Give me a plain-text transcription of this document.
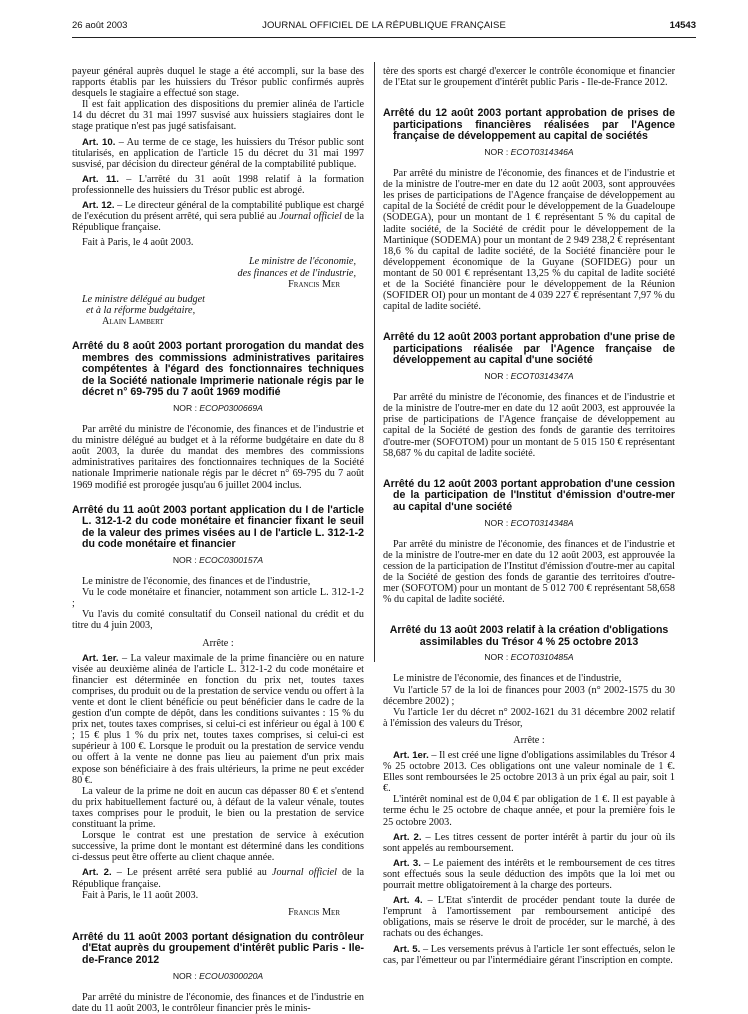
26 août 2003	JOURNAL OFFICIEL DE LA RÉPUBLIQUE FRANÇAISE	14543

payeur général auprès duquel le stage a été accompli, sur la base des rapports établis par les huissiers du Trésor public confirmés auprès desquels le stagiaire a effectué son stage.

Il est fait application des dispositions du premier alinéa de l'article 14 du décret du 31 mai 1997 susvisé aux huissiers stagiaires dont le stage pratique n'est pas jugé satisfaisant.

Art. 10. – Au terme de ce stage, les huissiers du Trésor public sont titularisés, en application de l'article 15 du décret du 31 mai 1997 susvisé, par décision du directeur général de la comptabilité publique.

Art. 11. – L'arrêté du 31 août 1998 relatif à la formation professionnelle des huissiers du Trésor public est abrogé.

Art. 12. – Le directeur général de la comptabilité publique est chargé de l'exécution du présent arrêté, qui sera publié au Journal officiel de la République française.

Fait à Paris, le 4 août 2003.

Le ministre de l'économie,

des finances et de l'industrie,

Francis Mer

Le ministre délégué au budget

et à la réforme budgétaire,

Alain Lambert

Arrêté du 8 août 2003 portant prorogation du mandat des membres des commissions administratives paritaires compétentes à l'égard des fonctionnaires techniques de la Société nationale Imprimerie nationale régis par le décret n° 69-795 du 7 août 1969 modifié

NOR : ECOP0300669A

Par arrêté du ministre de l'économie, des finances et de l'industrie et du ministre délégué au budget et à la réforme budgétaire en date du 8 août 2003, la durée du mandat des membres des commissions administratives paritaires des fonctionnaires techniques de la Société nationale Imprimerie nationale régis par le décret n° 69-795 du 7 août 1969 modifié est prorogée jusqu'au 6 juillet 2004 inclus.

Arrêté du 11 août 2003 portant application du I de l'article L. 312-1-2 du code monétaire et financier fixant le seuil de la valeur des primes visées au I de l'article L. 312-1-2 du code monétaire et financier

NOR : ECOC0300157A

Le ministre de l'économie, des finances et de l'industrie,

Vu le code monétaire et financier, notamment son article L. 312-1-2 ;

Vu l'avis du comité consultatif du Conseil national du crédit et du titre du 4 juin 2003,

Arrête :

Art. 1er. – La valeur maximale de la prime financière ou en nature visée au deuxième alinéa de l'article L. 312-1-2 du code monétaire et financier est déterminée en fonction du prix net, toutes taxes comprises, du produit ou de la prestation de service vendu ou offert à la vente et dont le client bénéficie ou peut bénéficier dans le cadre de la gestion d'un compte de dépôt, dans les conditions suivantes : 15 % du prix net, toutes taxes comprises, si celui-ci est inférieur ou égal à 100 € ; 15 € plus 1 % du prix net, toutes taxes comprises, si celui-ci est supérieur à 100 €. Lorsque le produit ou la prestation de service vendu ou offert à la vente ne donne pas lieu au paiement d'un prix mais expose son bénéficiaire à des frais ultérieurs, la prime ne peut excéder 80 €.

La valeur de la prime ne doit en aucun cas dépasser 80 € et s'entend du prix habituellement facturé ou, à défaut de la valeur vénale, toutes taxes comprises pour le produit, le bien ou la prestation de service constituant la prime.

Lorsque le contrat est une prestation de service à exécution successive, la prime dont le montant est déterminé dans les conditions ci-dessus peut être offerte au client chaque année.

Art. 2. – Le présent arrêté sera publié au Journal officiel de la République française.

Fait à Paris, le 11 août 2003.

Francis Mer

Arrêté du 11 août 2003 portant désignation du contrôleur d'Etat auprès du groupement d'intérêt public Paris - Ile-de-France 2012

NOR : ECOU0300020A

Par arrêté du ministre de l'économie, des finances et de l'industrie en date du 11 août 2003, le contrôleur financier près le minis-

tère des sports est chargé d'exercer le contrôle économique et financier de l'Etat sur le groupement d'intérêt public Paris - Ile-de-France 2012.

Arrêté du 12 août 2003 portant approbation de prises de participations financières réalisées par l'Agence française de développement au capital de sociétés

NOR : ECOT0314346A

Par arrêté du ministre de l'économie, des finances et de l'industrie et de la ministre de l'outre-mer en date du 12 août 2003, sont approuvées les prises de participations de l'Agence française de développement au capital de la Société de crédit pour le développement de la Guadeloupe (SODEGA), pour un montant de 1 € représentant 5 % du capital de ladite société, de la Société de crédit pour le développement de la Martinique (SODEMA) pour un montant de 2 949 238,2 € représentant 18,6 % du capital de ladite société, de la Société financière pour le développement économique de la Guyane (SOFIDEG) pour un montant de 50 001 € représentant 13,25 % du capital de ladite société et de la Société financière pour le développement de la Réunion (SOFIDER OI) pour un montant de 4 039 227 € représentant 7,97 % du capital de ladite société.

Arrêté du 12 août 2003 portant approbation d'une prise de participations réalisée par l'Agence française de développement au capital d'une société

NOR : ECOT0314347A

Par arrêté du ministre de l'économie, des finances et de l'industrie et de la ministre de l'outre-mer en date du 12 août 2003, est approuvée la prise de participations de l'Agence française de développement au capital de la Société de gestion des fonds de garantie des territoires d'outre-mer (SOFOTOM) pour un montant de 5 015 150 € représentant 58,687 % du capital de ladite société.

Arrêté du 12 août 2003 portant approbation d'une cession de la participation de l'Institut d'émission d'outre-mer au capital d'une société

NOR : ECOT0314348A

Par arrêté du ministre de l'économie, des finances et de l'industrie et de la ministre de l'outre-mer en date du 12 août 2003, est approuvée la cession de la participation de l'Institut d'émission d'outre-mer au capital de la Société de gestion des fonds de garantie des territoires d'outre-mer (SOFOTOM) pour un montant de 5 012 700 € représentant 58,658 % du capital de ladite société.

Arrêté du 13 août 2003 relatif à la création d'obligations assimilables du Trésor 4 % 25 octobre 2013

NOR : ECOT0310485A

Le ministre de l'économie, des finances et de l'industrie,

Vu l'article 57 de la loi de finances pour 2003 (n° 2002-1575 du 30 décembre 2002) ;

Vu l'article 1er du décret n° 2002-1621 du 31 décembre 2002 relatif à l'émission des valeurs du Trésor,

Arrête :

Art. 1er. – Il est créé une ligne d'obligations assimilables du Trésor 4 % 25 octobre 2013. Ces obligations ont une valeur nominale de 1 €. Elles sont remboursées le 25 octobre 2013 à un prix égal au pair, soit 1 €.

L'intérêt nominal est de 0,04 € par obligation de 1 €. Il est payable à terme échu le 25 octobre de chaque année, et pour la première fois le 25 octobre 2003.

Art. 2. – Les titres cessent de porter intérêt à partir du jour où ils sont appelés au remboursement.

Art. 3. – Le paiement des intérêts et le remboursement de ces titres sont effectués sous la seule déduction des impôts que la loi met ou pourrait mettre obligatoirement à la charge des porteurs.

Art. 4. – L'Etat s'interdit de procéder pendant toute la durée de l'emprunt à l'amortissement par remboursement anticipé des obligations, mais se réserve le droit de procéder, sur le marché, à des rachats ou des échanges.

Art. 5. – Les versements prévus à l'article 1er sont effectués, selon le cas, par l'émetteur ou par l'intermédiaire gérant l'inscription en compte.
